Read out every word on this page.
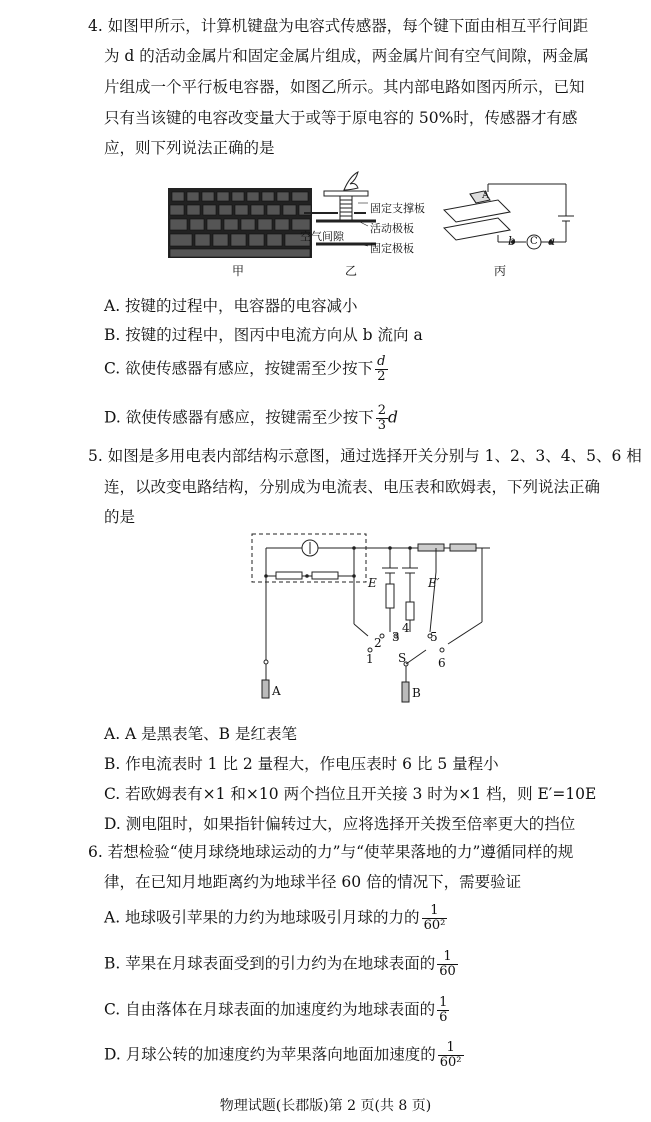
4. 如图甲所示，计算机键盘为电容式传感器，每个键下面由相互平行间距
为 d 的活动金属片和固定金属片组成，两金属片间有空气间隙，两金属
片组成一个平行板电容器，如图乙所示。其内部电路如图丙所示，已知
只有当该键的电容改变量大于或等于原电容的 50%时，传感器才有感
应，则下列说法正确的是
甲
固定支撑板
活动极板
空气间隙
固定极板
乙
A
b C a
丙
A. 按键的过程中，电容器的电容减小
B. 按键的过程中，图丙中电流方向从 b 流向 a
C. 欲使传感器有感应，按键需至少按下 $\frac{d}{2}$
D. 欲使传感器有感应，按键需至少按下 $\frac{2}{3}$ d
5. 如图是多用电表内部结构示意图，通过选择开关分别与 1、2、3、4、5、6 相
连，以改变电路结构，分别成为电流表、电压表和欧姆表，下列说法正确
的是
E	E′
4
2 3	5
1	6
S
A	B
A. A 是黑表笔、B 是红表笔
B. 作电流表时 1 比 2 量程大，作电压表时 6 比 5 量程小
C. 若欧姆表有×1 和×10 两个挡位且开关接 3 时为×1 档，则 E′=10E
D. 测电阻时，如果指针偏转过大，应将选择开关拨至倍率更大的挡位
6. 若想检验“使月球绕地球运动的力”与“使苹果落地的力”遵循同样的规
律，在已知月地距离约为地球半径 60 倍的情况下，需要验证
A. 地球吸引苹果的力约为地球吸引月球的力的 $\frac{1}{\text{60²}}$
B. 苹果在月球表面受到的引力约为在地球表面的 $\frac{1}{60}$
C. 自由落体在月球表面的加速度约为地球表面的 $\frac{1}{6}$
D. 月球公转的加速度约为苹果落向地面加速度的 $\frac{1}{\text{60²}}$
物理试题(长郡版)第 2 页(共 8 页)
